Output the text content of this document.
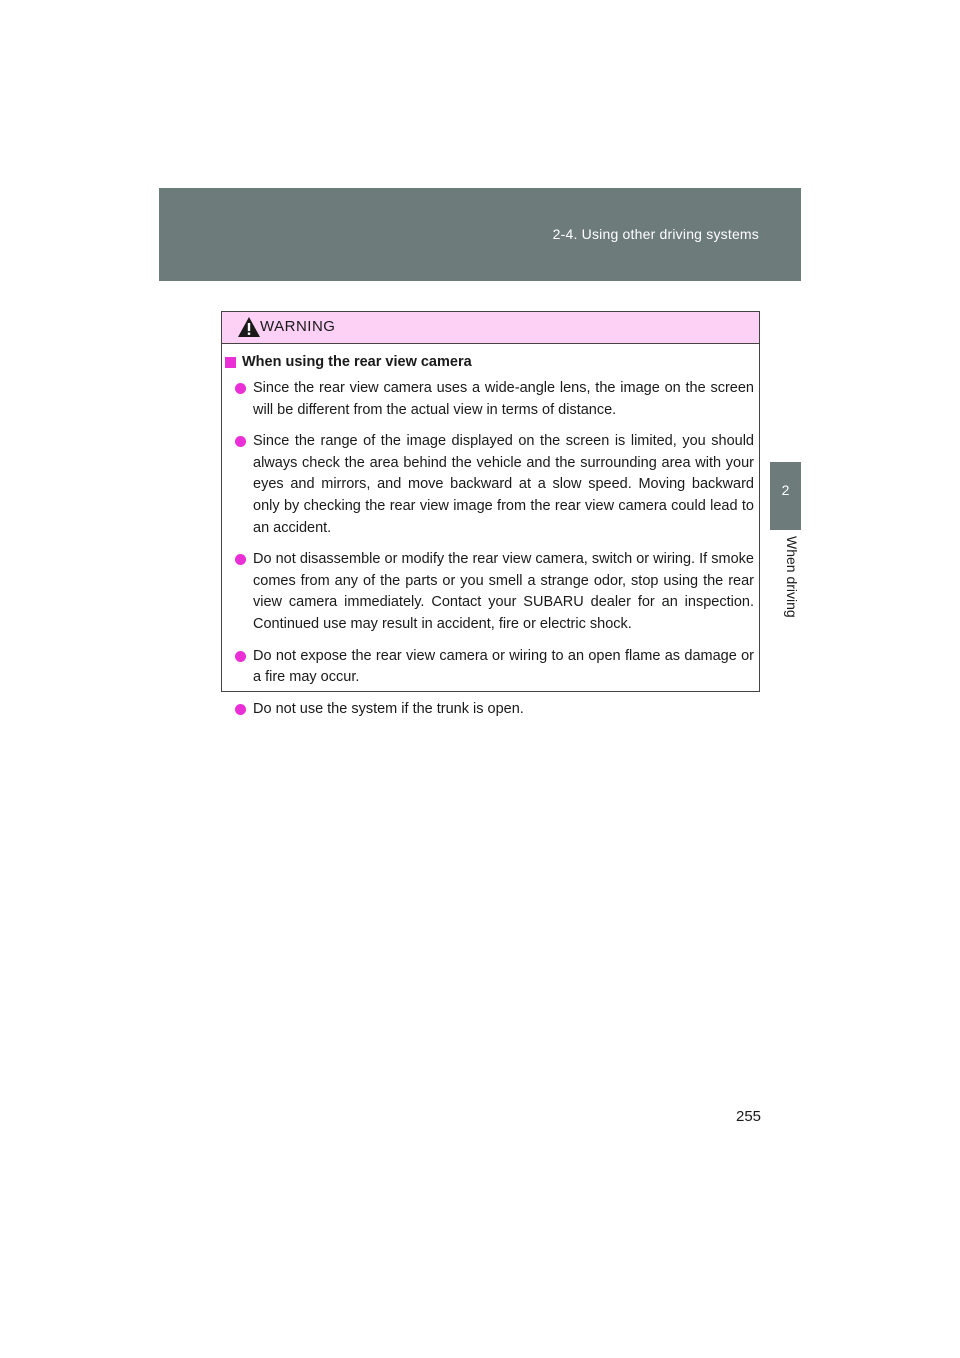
2-4. Using other driving systems
2
When driving
WARNING
When using the rear view camera
Since the rear view camera uses a wide-angle lens, the image on the screen will be different from the actual view in terms of distance.
Since the range of the image displayed on the screen is limited, you should always check the area behind the vehicle and the surrounding area with your eyes and mirrors, and move backward at a slow speed. Moving backward only by checking the rear view image from the rear view camera could lead to an accident.
Do not disassemble or modify the rear view camera, switch or wiring. If smoke comes from any of the parts or you smell a strange odor, stop using the rear view camera immediately. Contact your SUBARU dealer for an inspection. Continued use may result in accident, fire or electric shock.
Do not expose the rear view camera or wiring to an open flame as damage or a fire may occur.
Do not use the system if the trunk is open.
255
